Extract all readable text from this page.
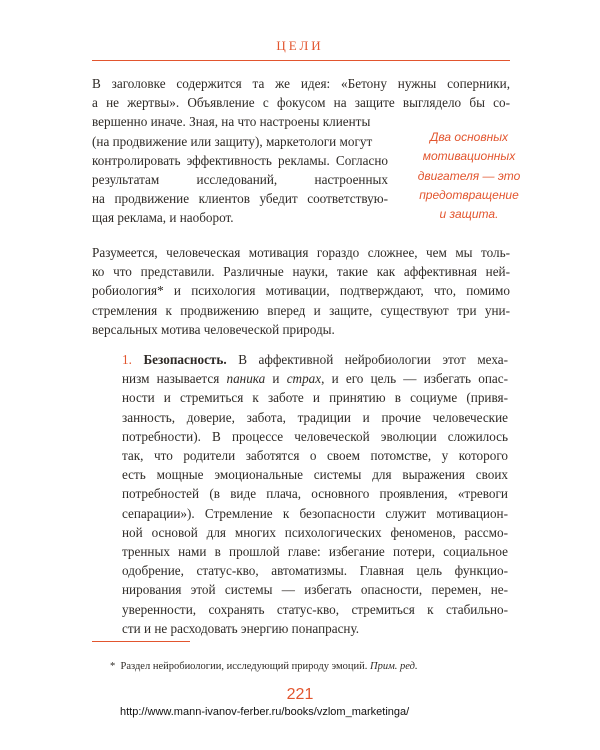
ЦЕЛИ
В заголовке содержится та же идея: «Бетону нужны соперники,
а не жертвы». Объявление с фокусом на защите выглядело бы со-
вершенно иначе. Зная, на что настроены клиенты
(на продвижение или защиту), маркетологи могут
контролировать эффективность рекламы. Согласно
результатам исследований, настроенных
на продвижение клиентов убедит соответствую-
щая реклама, и наоборот.
Два основных
мотивационных
двигателя — это
предотвращение
и защита.
Разумеется, человеческая мотивация гораздо сложнее, чем мы толь-
ко что представили. Различные науки, такие как аффективная ней-
робиология* и психология мотивации, подтверждают, что, помимо
стремления к продвижению вперед и защите, существуют три уни-
версальных мотива человеческой природы.
1. Безопасность. В аффективной нейробиологии этот меха-
низм называется паника и страх, и его цель — избегать опас-
ности и стремиться к заботе и принятию в социуме (привя-
занность, доверие, забота, традиции и прочие человеческие
потребности). В процессе человеческой эволюции сложилось
так, что родители заботятся о своем потомстве, у которого
есть мощные эмоциональные системы для выражения своих
потребностей (в виде плача, основного проявления, «тревоги
сепарации»). Стремление к безопасности служит мотивацион-
ной основой для многих психологических феноменов, рассмо-
тренных нами в прошлой главе: избегание потери, социальное
одобрение, статус-кво, автоматизмы. Главная цель функцио-
нирования этой системы — избегать опасности, перемен, не-
уверенности, сохранять статус-кво, стремиться к стабильно-
сти и не расходовать энергию понапрасну.
* Раздел нейробиологии, исследующий природу эмоций. Прим. ред.
221
http://www.mann-ivanov-ferber.ru/books/vzlom_marketinga/
